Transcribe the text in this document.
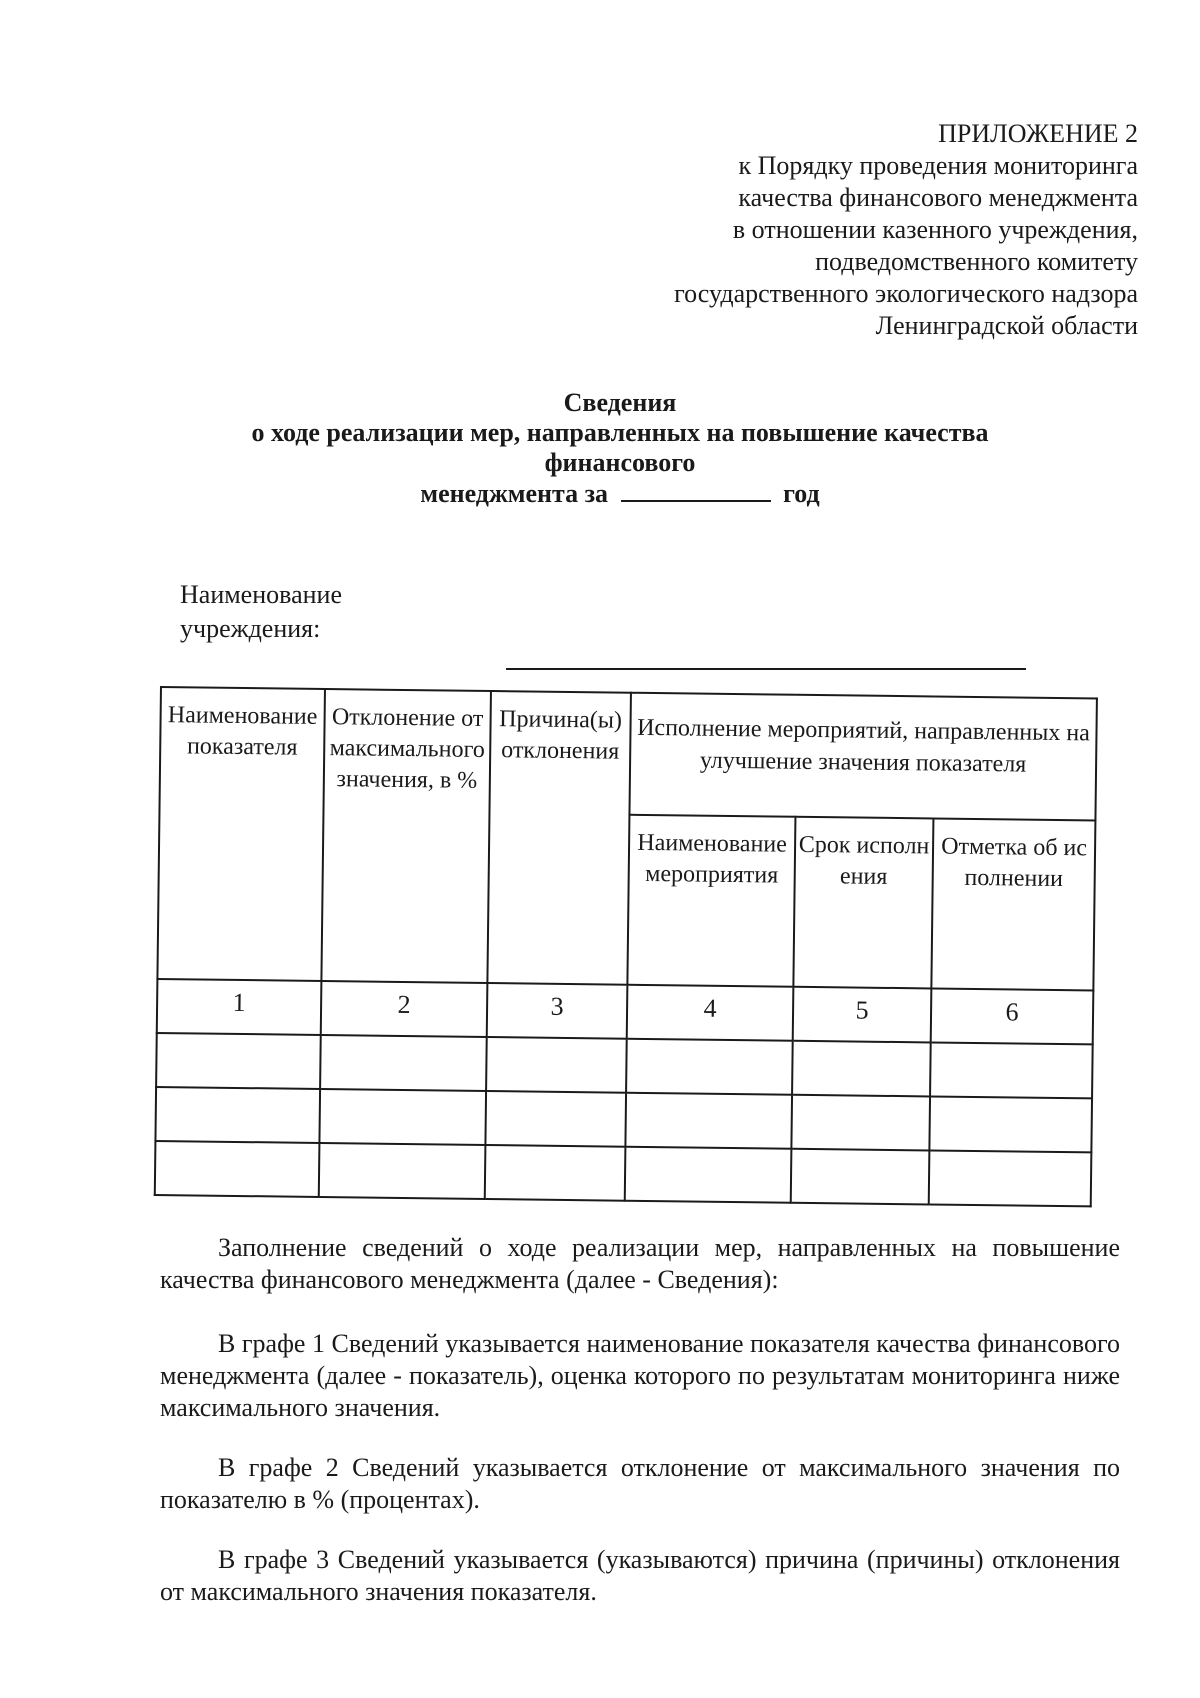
ПРИЛОЖЕНИЕ 2
к Порядку проведения мониторинга
качества финансового менеджмента
в отношении казенного учреждения,
подведомственного комитету
государственного экологического надзора
Ленинградской области
Сведения
о ходе реализации мер, направленных на повышение качества
финансового
менеджмента за	год
Наименование
учреждения:
Наименование показателя	Отклонение от максимального значения, в %	Причина(ы) отклонения	Исполнение мероприятий, направленных на улучшение значения показателя		
			Наименование мероприятия	Срок исполнения	Отметка об исполнении
1	2	3	4	5	6

Заполнение сведений о ходе реализации мер, направленных на повышение качества финансового менеджмента (далее - Сведения):

В графе 1 Сведений указывается наименование показателя качества финансового менеджмента (далее - показатель), оценка которого по результатам мониторинга ниже максимального значения.

В графе 2 Сведений указывается отклонение от максимального значения по показателю в % (процентах).

В графе 3 Сведений указывается (указываются) причина (причины) отклонения от максимального значения показателя.
